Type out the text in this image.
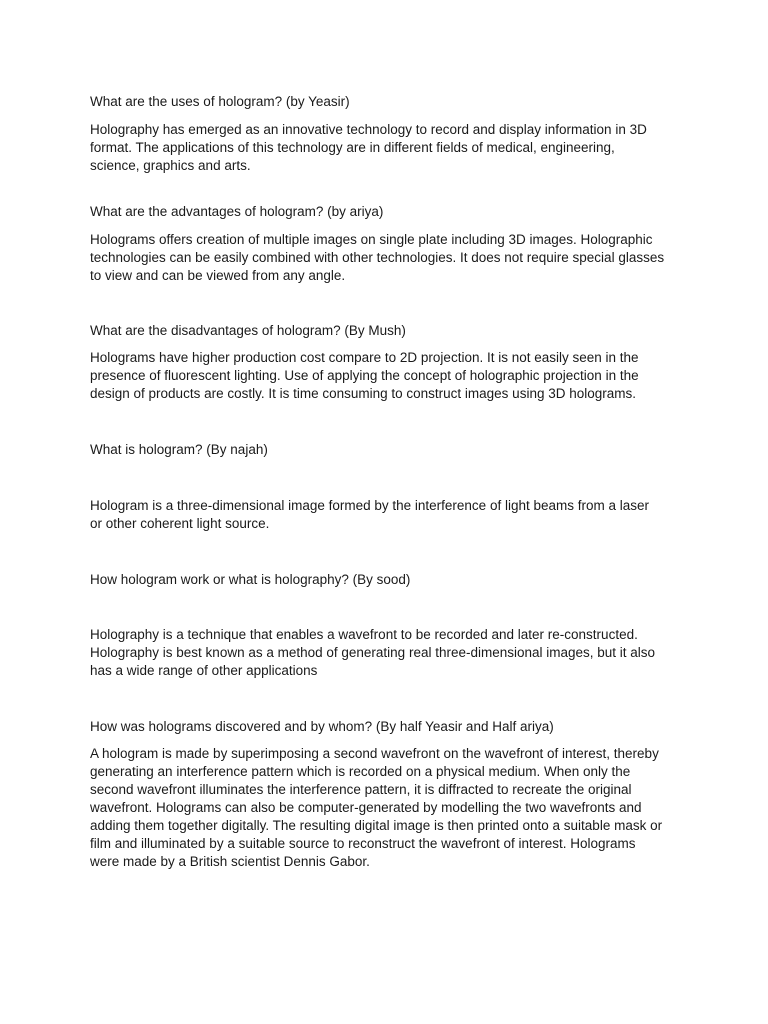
What are the uses of hologram? (by Yeasir)

Holography has emerged as an innovative technology to record and display information in 3D
format. The applications of this technology are in different fields of medical, engineering,
science, graphics and arts.

What are the advantages of hologram? (by ariya)

Holograms offers creation of multiple images on single plate including 3D images. Holographic
technologies can be easily combined with other technologies. It does not require special glasses
to view and can be viewed from any angle.

What are the disadvantages of hologram? (By Mush)

Holograms have higher production cost compare to 2D projection. It is not easily seen in the
presence of fluorescent lighting. Use of applying the concept of holographic projection in the
design of products are costly. It is time consuming to construct images using 3D holograms.

What is hologram? (By najah)

Hologram is a three-dimensional image formed by the interference of light beams from a laser
or other coherent light source.

How hologram work or what is holography? (By sood)

Holography is a technique that enables a wavefront to be recorded and later re-constructed.
Holography is best known as a method of generating real three-dimensional images, but it also
has a wide range of other applications

How was holograms discovered and by whom? (By half Yeasir and Half ariya)

A hologram is made by superimposing a second wavefront on the wavefront of interest, thereby
generating an interference pattern which is recorded on a physical medium. When only the
second wavefront illuminates the interference pattern, it is diffracted to recreate the original
wavefront. Holograms can also be computer-generated by modelling the two wavefronts and
adding them together digitally. The resulting digital image is then printed onto a suitable mask or
film and illuminated by a suitable source to reconstruct the wavefront of interest. Holograms
were made by a British scientist Dennis Gabor.
